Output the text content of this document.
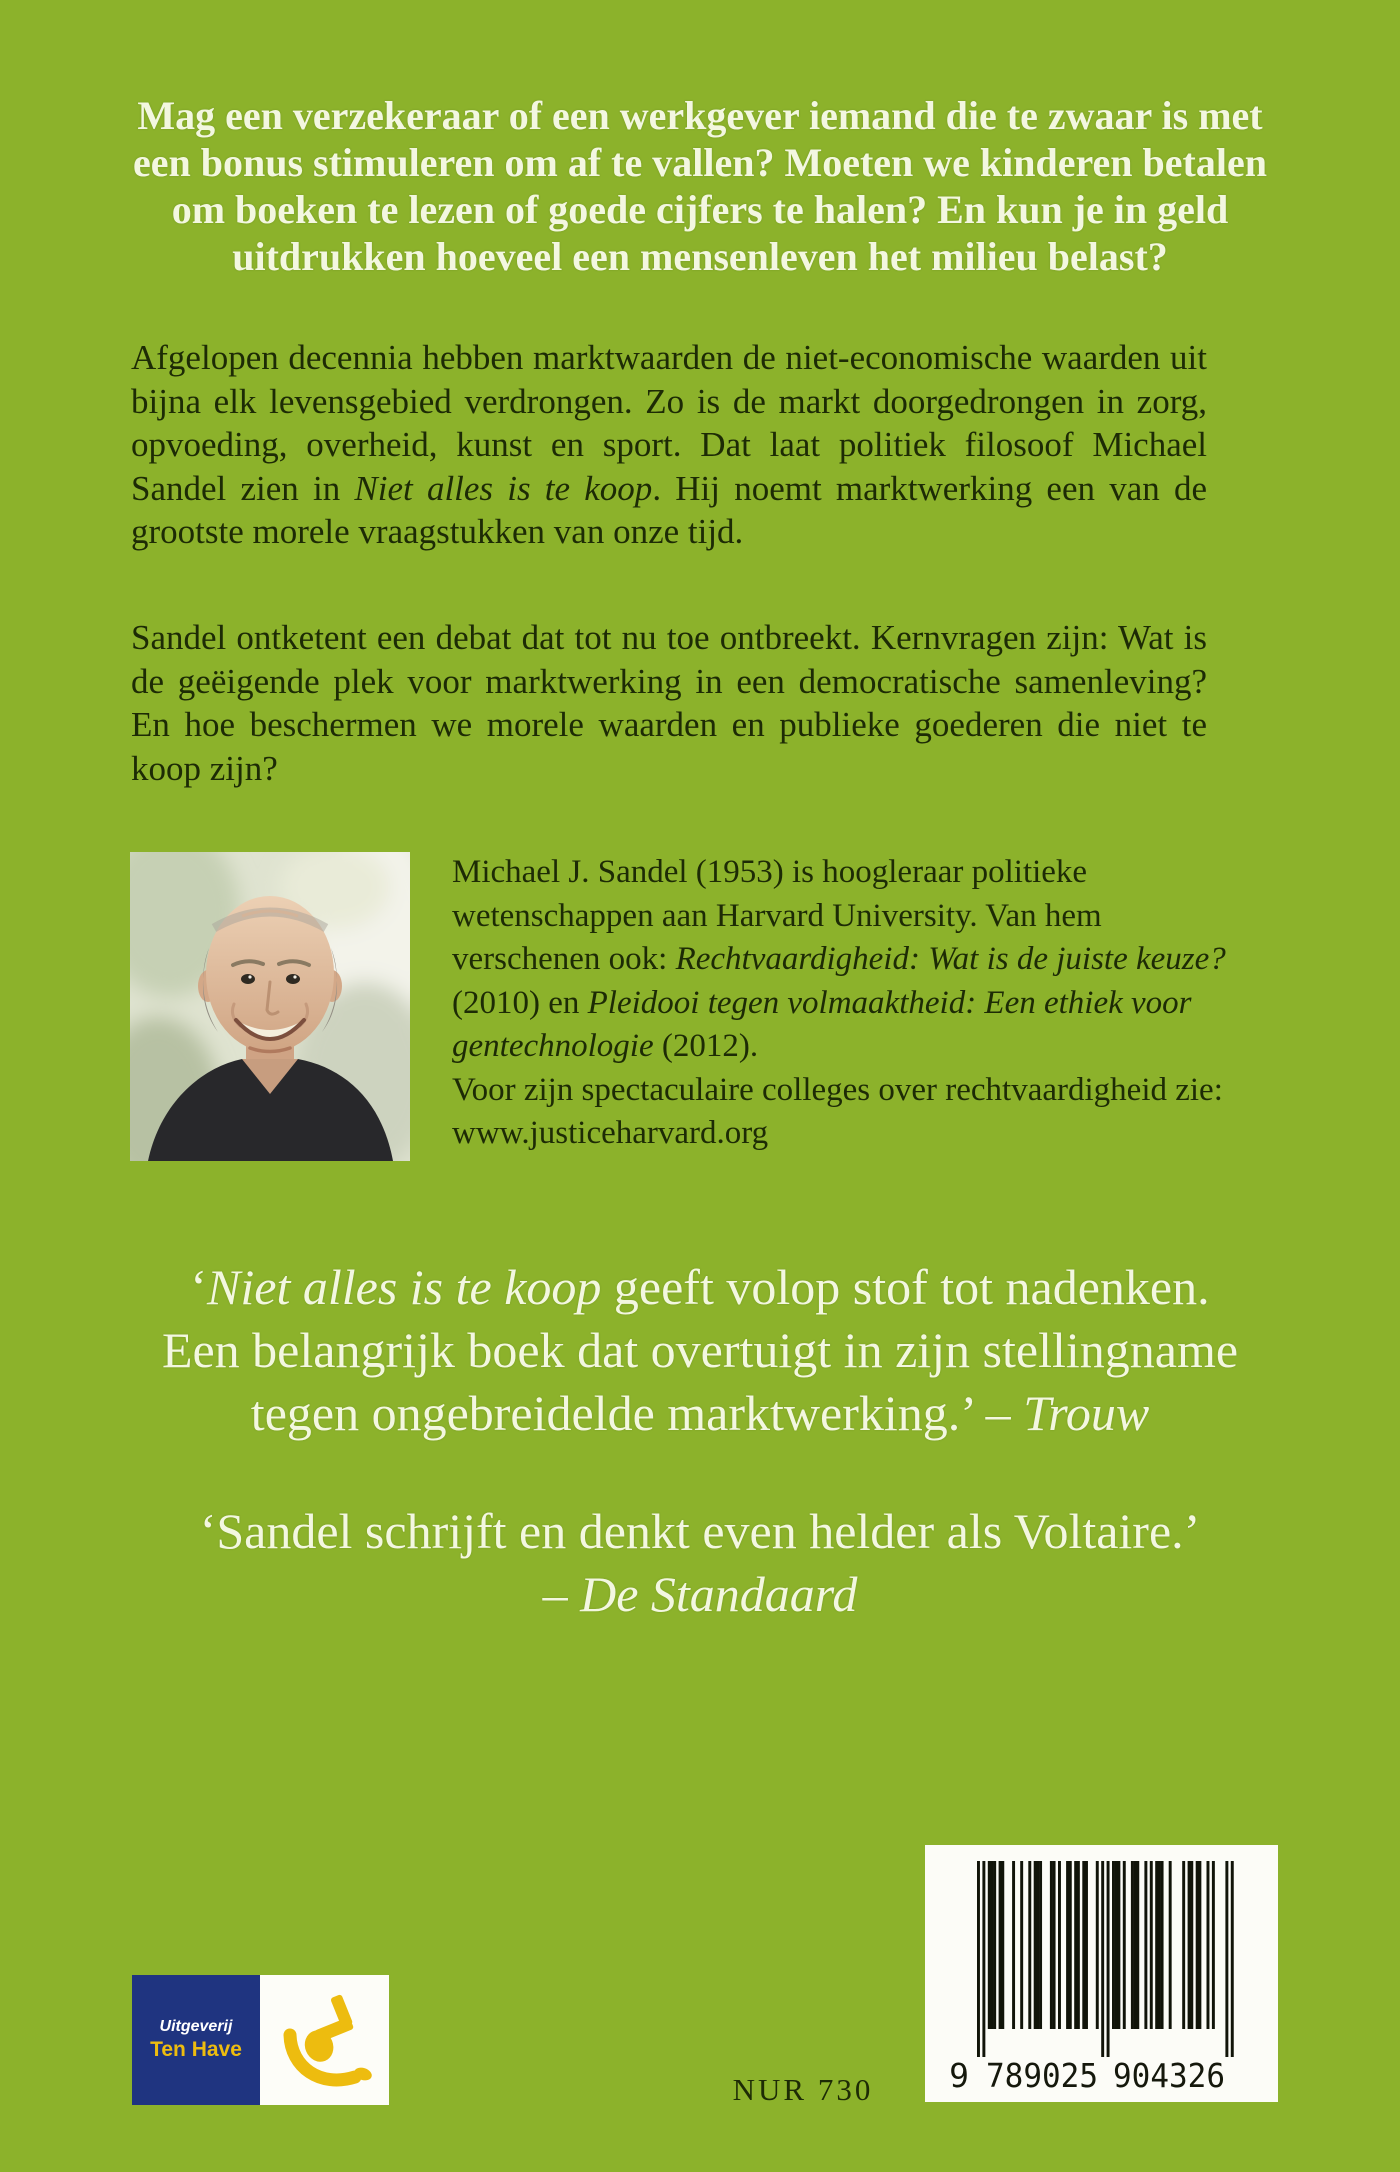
Mag een verzekeraar of een werkgever iemand die te zwaar is met
een bonus stimuleren om af te vallen? Moeten we kinderen betalen
om boeken te lezen of goede cijfers te halen? En kun je in geld
uitdrukken hoeveel een mensenleven het milieu belast?

Afgelopen decennia hebben marktwaarden de niet-economische waarden uit bijna elk levensgebied verdrongen. Zo is de markt doorgedrongen in zorg, opvoeding, overheid, kunst en sport. Dat laat politiek filosoof Michael Sandel zien in Niet alles is te koop. Hij noemt marktwerking een van de grootste morele vraagstukken van onze tijd.

Sandel ontketent een debat dat tot nu toe ontbreekt. Kernvragen zijn: Wat is de geëigende plek voor marktwerking in een democratische samenleving? En hoe beschermen we morele waarden en publieke goederen die niet te koop zijn?

Michael J. Sandel (1953) is hoogleraar politieke wetenschappen aan Harvard University. Van hem verschenen ook: Rechtvaardigheid: Wat is de juiste keuze? (2010) en Pleidooi tegen volmaaktheid: Een ethiek voor gentechnologie (2012).

Voor zijn spectaculaire colleges over rechtvaardigheid zie: www.justiceharvard.org

‘Niet alles is te koop geeft volop stof tot nadenken.
Een belangrijk boek dat overtuigt in zijn stellingname
tegen ongebreidelde marktwerking.’ – Trouw
‘Sandel schrijft en denkt even helder als Voltaire.’
– De Standaard
Uitgeverij
Ten Have
NUR 730	9 789025 904326
